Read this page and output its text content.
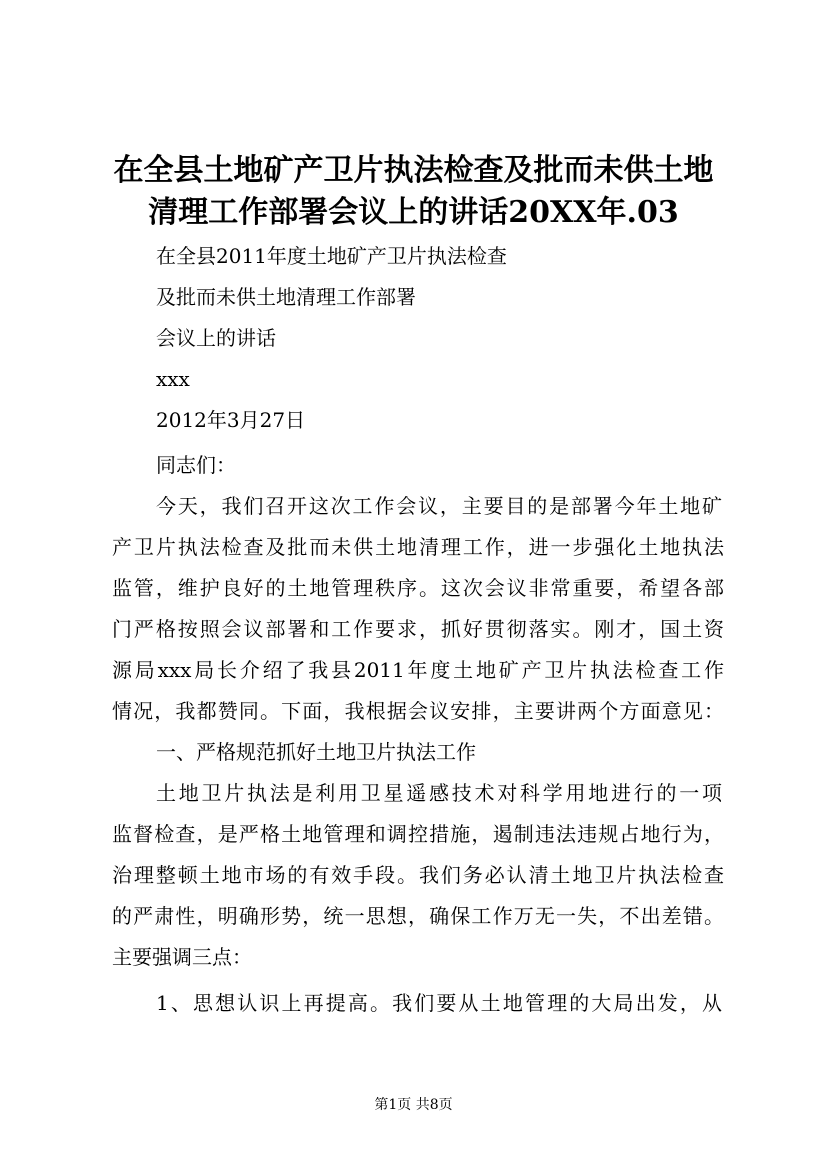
在全县土地矿产卫片执法检查及批而未供土地
清理工作部署会议上的讲话20XX年.03
在全县2011年度土地矿产卫片执法检查
及批而未供土地清理工作部署
会议上的讲话
xxx
2012年3月27日
同志们：
今天，我们召开这次工作会议，主要目的是部署今年土地矿
产卫片执法检查及批而未供土地清理工作，进一步强化土地执法
监管，维护良好的土地管理秩序。这次会议非常重要，希望各部
门严格按照会议部署和工作要求，抓好贯彻落实。刚才，国土资
源局xxx局长介绍了我县2011年度土地矿产卫片执法检查工作
情况，我都赞同。下面，我根据会议安排，主要讲两个方面意见：
一、严格规范抓好土地卫片执法工作
土地卫片执法是利用卫星遥感技术对科学用地进行的一项
监督检查，是严格土地管理和调控措施，遏制违法违规占地行为，
治理整顿土地市场的有效手段。我们务必认清土地卫片执法检查
的严肃性，明确形势，统一思想，确保工作万无一失，不出差错。
主要强调三点：
1、思想认识上再提高。我们要从土地管理的大局出发，从
第1页 共8页
